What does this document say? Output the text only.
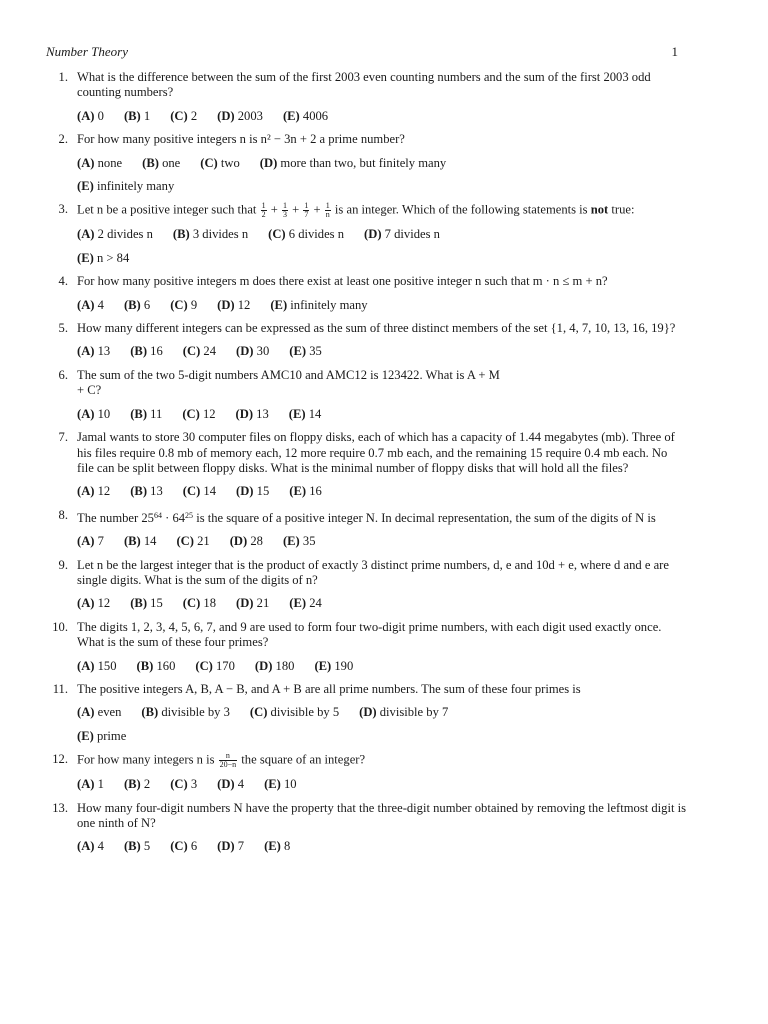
Number Theory	1
1. What is the difference between the sum of the first 2003 even counting numbers and the sum of the first 2003 odd counting numbers?
(A) 0 (B) 1 (C) 2 (D) 2003 (E) 4006
2. For how many positive integers n is n² − 3n + 2 a prime number?
(A) none (B) one (C) two (D) more than two, but finitely many
(E) infinitely many
3. Let n be a positive integer such that $\frac{1}{2} + \frac{1}{3} + \frac{1}{7} + \frac{1}{n}$ is an integer. Which of the following statements is not true:
(A) 2 divides n (B) 3 divides n (C) 6 divides n (D) 7 divides n
(E) n > 84
4. For how many positive integers m does there exist at least one positive integer n such that m · n ≤ m + n?
(A) 4 (B) 6 (C) 9 (D) 12 (E) infinitely many
5. How many different integers can be expressed as the sum of three distinct members of the set {1, 4, 7, 10, 13, 16, 19}?
(A) 13 (B) 16 (C) 24 (D) 30 (E) 35
6. The sum of the two 5-digit numbers AMC10 and AMC12 is 123422. What is A + M + C?
(A) 10 (B) 11 (C) 12 (D) 13 (E) 14
7. Jamal wants to store 30 computer files on floppy disks, each of which has a capacity of 1.44 megabytes (mb). Three of his files require 0.8 mb of memory each, 12 more require 0.7 mb each, and the remaining 15 require 0.4 mb each. No file can be split between floppy disks. What is the minimal number of floppy disks that will hold all the files?
(A) 12 (B) 13 (C) 14 (D) 15 (E) 16
8. The number $25^{64} \cdot 64^{25}$ is the square of a positive integer N. In decimal representation, the sum of the digits of N is
(A) 7 (B) 14 (C) 21 (D) 28 (E) 35
9. Let n be the largest integer that is the product of exactly 3 distinct prime numbers, d, e and 10d + e, where d and e are single digits. What is the sum of the digits of n?
(A) 12 (B) 15 (C) 18 (D) 21 (E) 24
10. The digits 1, 2, 3, 4, 5, 6, 7, and 9 are used to form four two-digit prime numbers, with each digit used exactly once. What is the sum of these four primes?
(A) 150 (B) 160 (C) 170 (D) 180 (E) 190
11. The positive integers A, B, A − B, and A + B are all prime numbers. The sum of these four primes is
(A) even (B) divisible by 3 (C) divisible by 5 (D) divisible by 7
(E) prime
12. For how many integers n is $\frac{n}{20-n}$ the square of an integer?
(A) 1 (B) 2 (C) 3 (D) 4 (E) 10
13. How many four-digit numbers N have the property that the three-digit number obtained by removing the leftmost digit is one ninth of N?
(A) 4 (B) 5 (C) 6 (D) 7 (E) 8
